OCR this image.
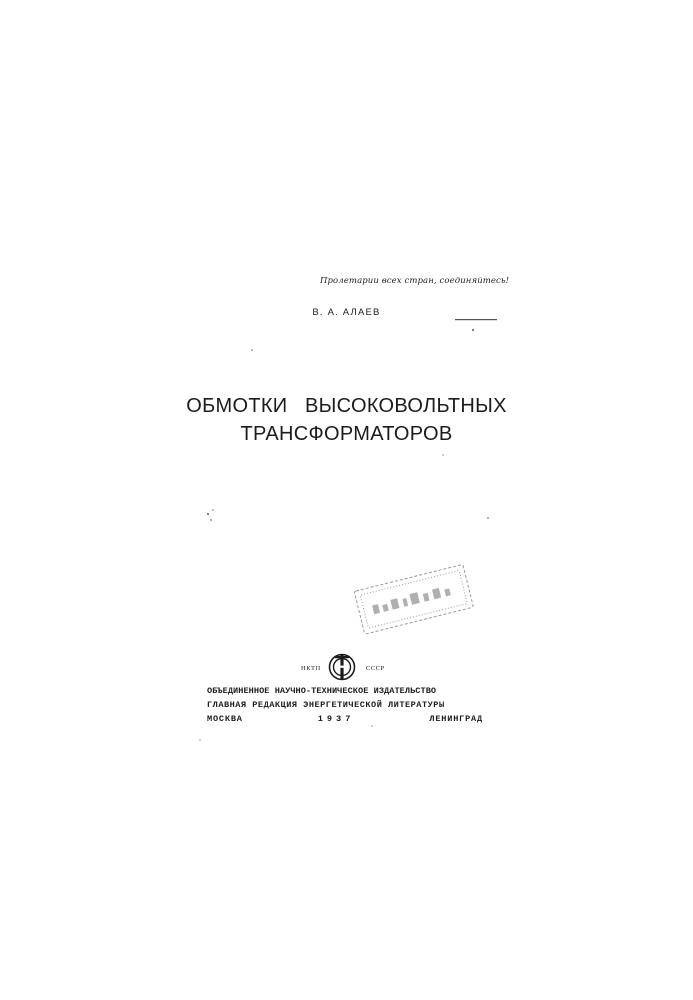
Пролетарии всех стран, соединяйтесь!
В. А. АЛАЕВ
ОБМОТКИ   ВЫСОКОВОЛЬТНЫХ
ТРАНСФОРМАТОРОВ
НКТП	СССР
ОБЪЕДИНЕННОЕ НАУЧНО-ТЕХНИЧЕСКОЕ ИЗДАТЕЛЬСТВО
ГЛАВНАЯ РЕДАКЦИЯ ЭНЕРГЕТИЧЕСКОЙ ЛИТЕРАТУРЫ
МОСКВА	1937	ЛЕНИНГРАД
